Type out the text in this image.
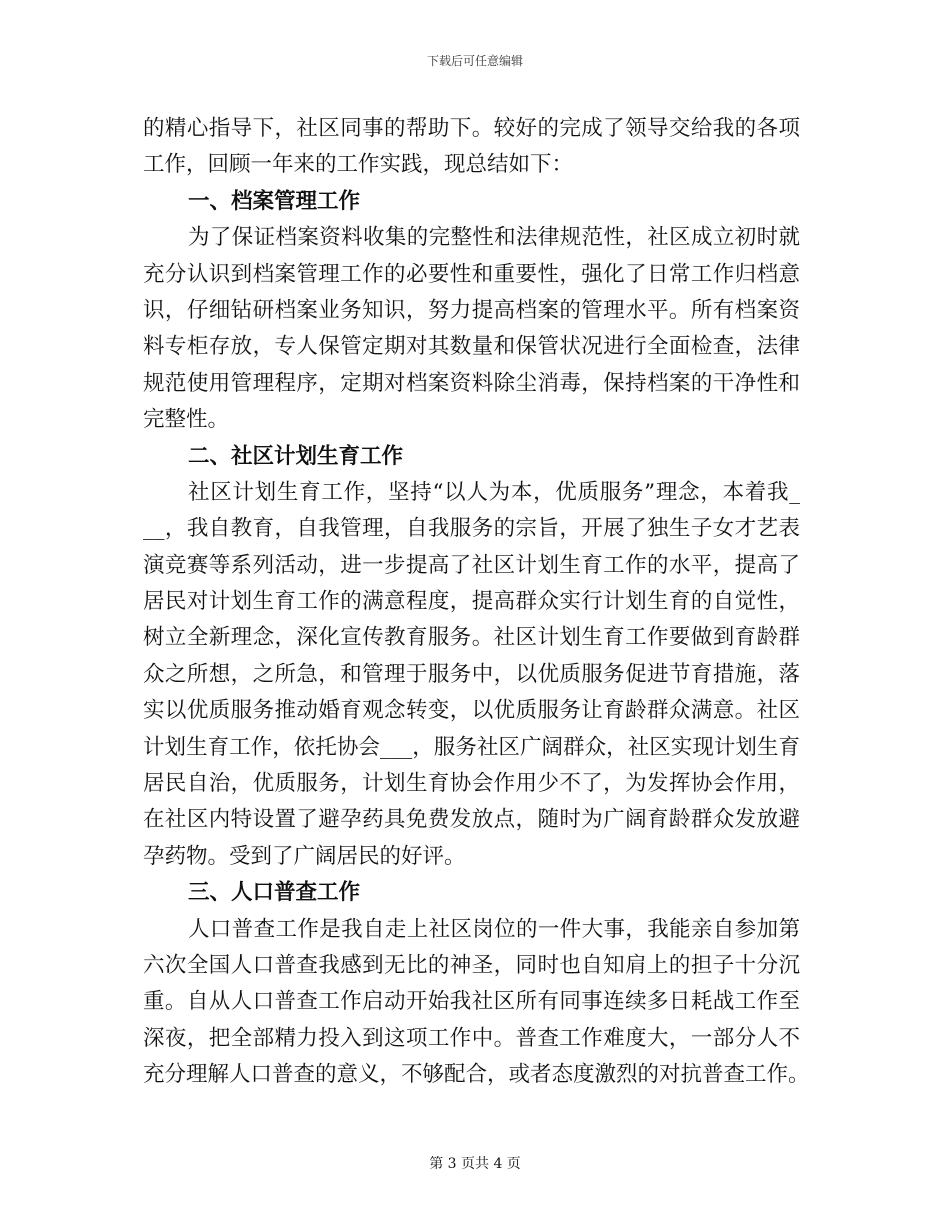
下载后可任意编辑
的精心指导下，社区同事的帮助下。较好的完成了领导交给我的各项
工作，回顾一年来的工作实践，现总结如下：
一、档案管理工作
为了保证档案资料收集的完整性和法律规范性，社区成立初时就
充分认识到档案管理工作的必要性和重要性，强化了日常工作归档意
识，仔细钻研档案业务知识，努力提高档案的管理水平。所有档案资
料专柜存放，专人保管定期对其数量和保管状况进行全面检查，法律
规范使用管理程序，定期对档案资料除尘消毒，保持档案的干净性和
完整性。
二、社区计划生育工作
社区计划生育工作，坚持“以人为本，优质服务”理念，本着我_
__，我自教育，自我管理，自我服务的宗旨，开展了独生子女才艺表
演竞赛等系列活动，进一步提高了社区计划生育工作的水平，提高了
居民对计划生育工作的满意程度，提高群众实行计划生育的自觉性，
树立全新理念，深化宣传教育服务。社区计划生育工作要做到育龄群
众之所想，之所急，和管理于服务中，以优质服务促进节育措施，落
实以优质服务推动婚育观念转变，以优质服务让育龄群众满意。社区
计划生育工作，依托协会___，服务社区广阔群众，社区实现计划生育
居民自治，优质服务，计划生育协会作用少不了，为发挥协会作用，
在社区内特设置了避孕药具免费发放点，随时为广阔育龄群众发放避
孕药物。受到了广阔居民的好评。
三、人口普查工作
人口普查工作是我自走上社区岗位的一件大事，我能亲自参加第
六次全国人口普查我感到无比的神圣，同时也自知肩上的担子十分沉
重。自从人口普查工作启动开始我社区所有同事连续多日耗战工作至
深夜，把全部精力投入到这项工作中。普查工作难度大，一部分人不
充分理解人口普查的意义，不够配合，或者态度激烈的对抗普查工作。
第 3 页共 4 页
